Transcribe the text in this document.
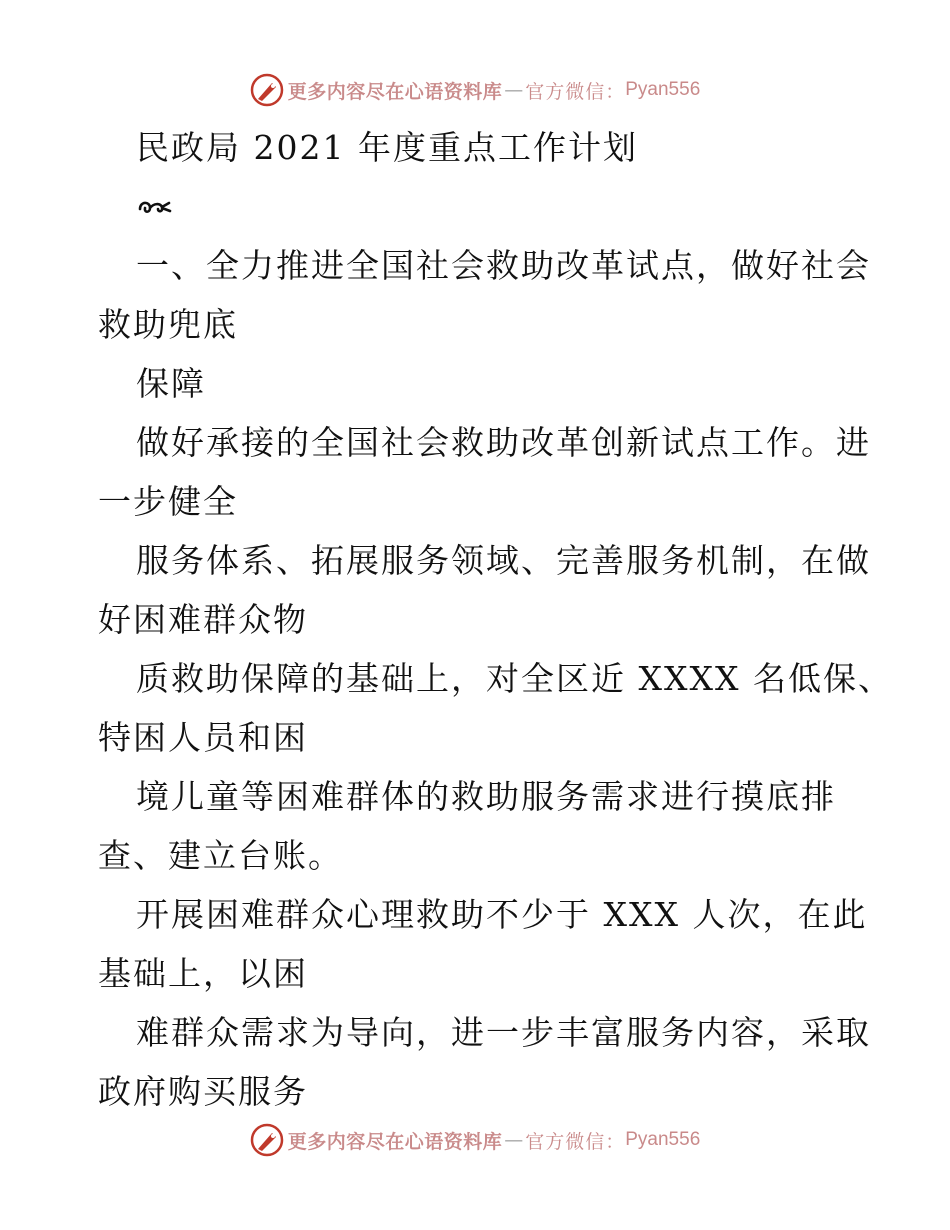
更多内容尽在心语资料库 — 官方微信： Pyan556
民政局 2021 年度重点工作计划
一、全力推进全国社会救助改革试点，做好社会
救助兜底
保障
做好承接的全国社会救助改革创新试点工作。进
一步健全
服务体系、拓展服务领域、完善服务机制，在做
好困难群众物
质救助保障的基础上，对全区近 XXXX 名低保、
特困人员和困
境儿童等困难群体的救助服务需求进行摸底排
查、建立台账。
开展困难群众心理救助不少于 XXX 人次，在此
基础上，以困
难群众需求为导向，进一步丰富服务内容，采取
政府购买服务
更多内容尽在心语资料库 — 官方微信： Pyan556
